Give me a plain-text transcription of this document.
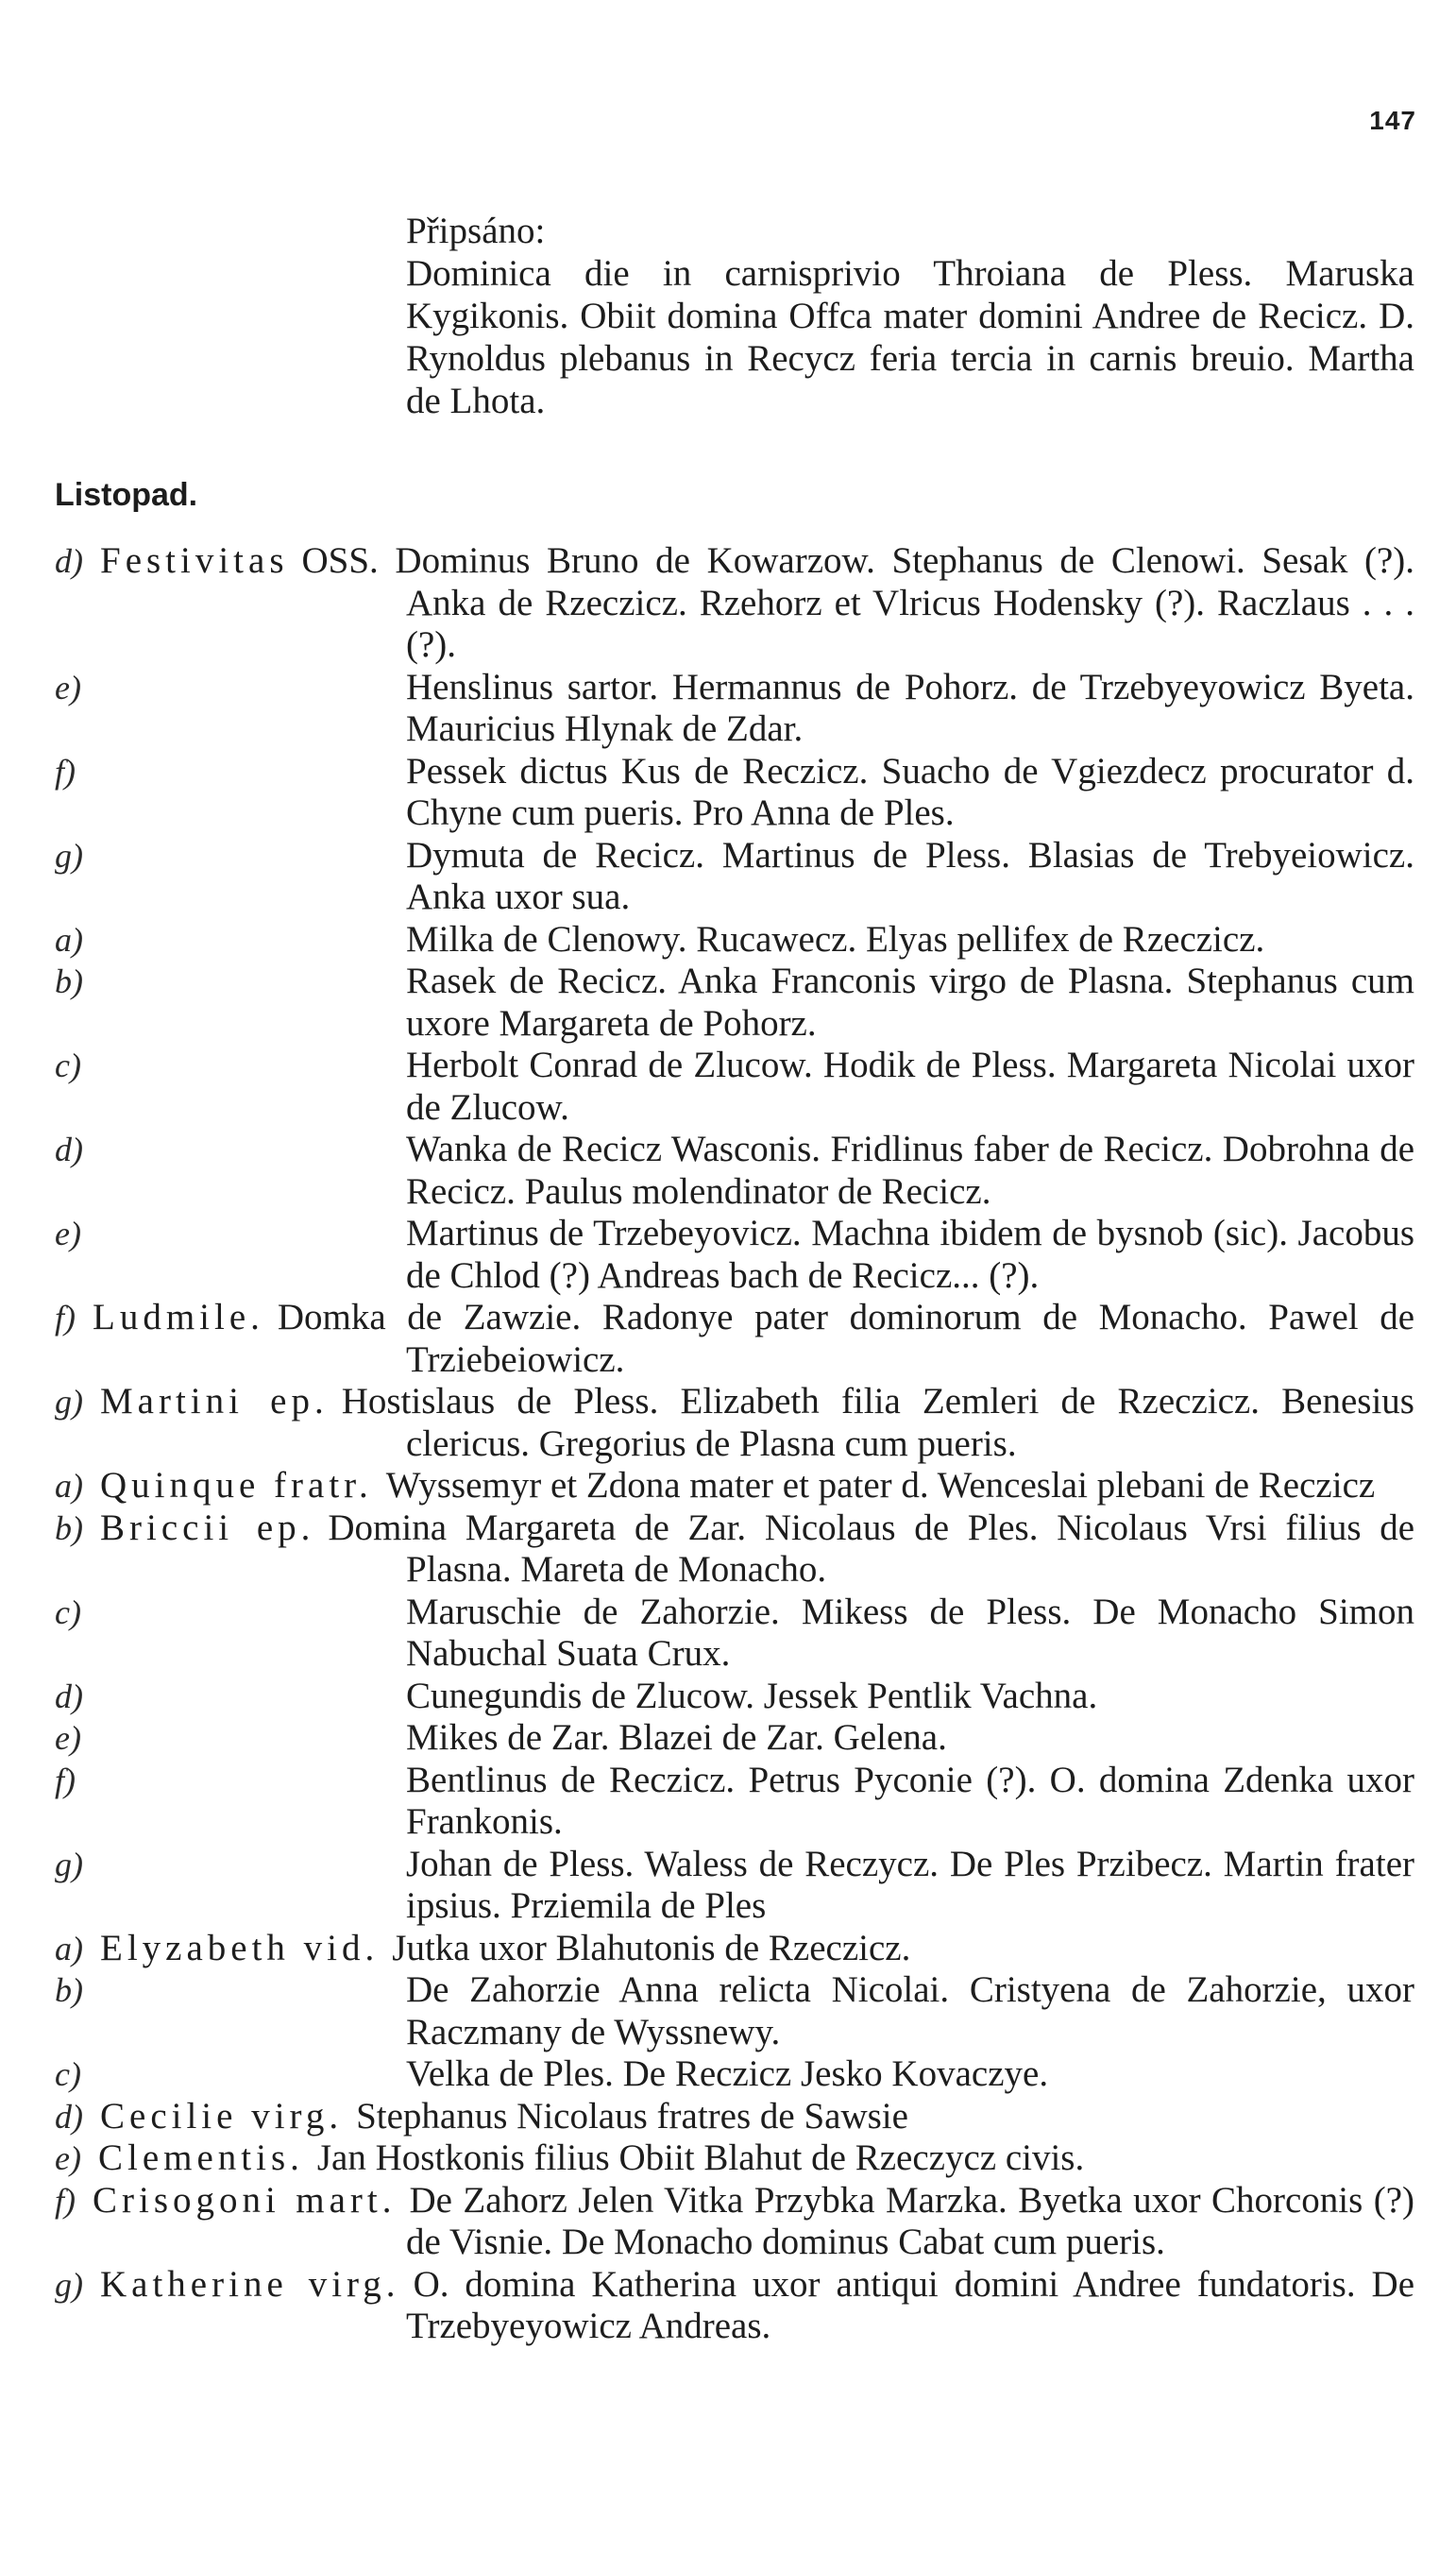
147

Připsáno:

Dominica die in carnisprivio Throiana de Pless. Maruska Kygikonis. Obiit domina Offca mater domini Andree de Recicz. D. Rynoldus plebanus in Recycz feria tercia in carnis breuio. Martha de Lhota.

Listopad.
d) Festivitas OSS. Dominus Bruno de Kowarzow. Stephanus de Clenowi. Sesak (?). Anka de Rzeczicz. Rzehorz et Vlricus Hodensky (?). Raczlaus . . . (?).
e)	Henslinus sartor. Hermannus de Pohorz. de Trzebyeyowicz Byeta. Mauricius Hlynak de Zdar.
f)	Pessek dictus Kus de Reczicz. Suacho de Vgiezdecz procurator d. Chyne cum pueris. Pro Anna de Ples.
g)	Dymuta de Recicz. Martinus de Pless. Blasias de Trebyeiowicz. Anka uxor sua.
a)	Milka de Clenowy. Rucawecz. Elyas pellifex de Rzeczicz.
b)	Rasek de Recicz. Anka Franconis virgo de Plasna. Stephanus cum uxore Margareta de Pohorz.
c)	Herbolt Conrad de Zlucow. Hodik de Pless. Margareta Nicolai uxor de Zlucow.
d)	Wanka de Recicz Wasconis. Fridlinus faber de Recicz. Dobrohna de Recicz. Paulus molendinator de Recicz.
e)	Martinus de Trzebeyovicz. Machna ibidem de bysnob (sic). Jacobus de Chlod (?) Andreas bach de Recicz... (?).
f) Ludmile. Domka de Zawzie. Radonye pater dominorum de Monacho. Pawel de Trziebeiowicz.
g) Martini ep. Hostislaus de Pless. Elizabeth filia Zemleri de Rzeczicz. Benesius clericus. Gregorius de Plasna cum pueris.
a) Quinque fratr. Wyssemyr et Zdona mater et pater d. Wenceslai plebani de Reczicz
b) Briccii ep. Domina Margareta de Zar. Nicolaus de Ples. Nicolaus Vrsi filius de Plasna. Mareta de Monacho.
c)	Maruschie de Zahorzie. Mikess de Pless. De Monacho Simon Nabuchal Suata Crux.
d)	Cunegundis de Zlucow. Jessek Pentlik Vachna.
e)	Mikes de Zar. Blazei de Zar. Gelena.
f)	Bentlinus de Reczicz. Petrus Pyconie (?). O. domina Zdenka uxor Frankonis.
g)	Johan de Pless. Waless de Reczycz. De Ples Przibecz. Martin frater ipsius. Prziemila de Ples
a) Elyzabeth vid. Jutka uxor Blahutonis de Rzeczicz.
b)	De Zahorzie Anna relicta Nicolai. Cristyena de Zahorzie, uxor Raczmany de Wyssnewy.
c)	Velka de Ples. De Reczicz Jesko Kovaczye.
d) Cecilie virg. Stephanus Nicolaus fratres de Sawsie
e) Clementis. Jan Hostkonis filius Obiit Blahut de Rzeczycz civis.
f) Crisogoni mart. De Zahorz Jelen Vitka Przybka Marzka. Byetka uxor Chorconis (?) de Visnie. De Monacho dominus Cabat cum pueris.
g) Katherine virg. O. domina Katherina uxor antiqui domini Andree fundatoris. De Trzebyeyowicz Andreas.
